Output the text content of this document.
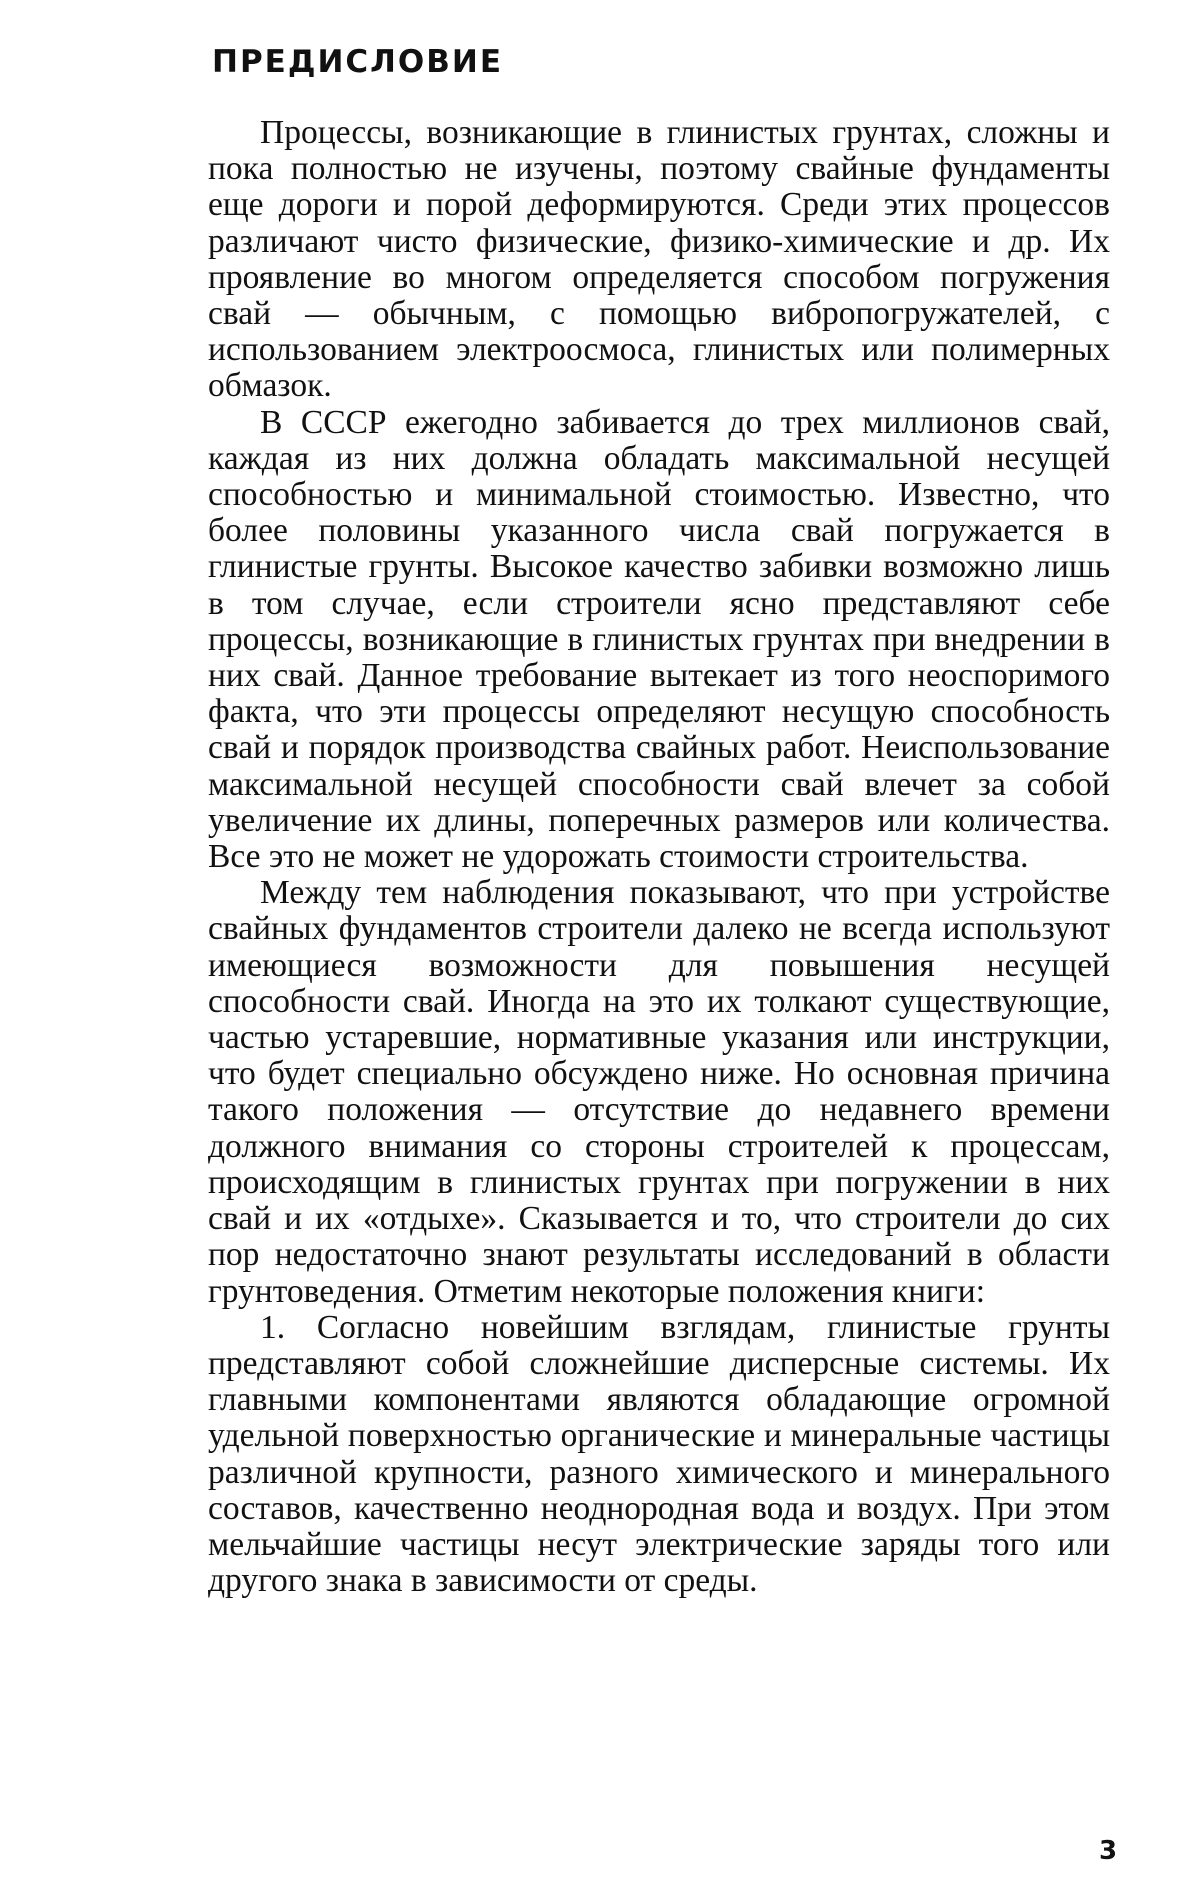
ПРЕДИСЛОВИЕ

Процессы, возникающие в глинистых грунтах, сложны и пока полностью не изучены, поэтому свайные фундаменты еще дороги и порой деформируются. Среди этих процессов различают чисто физические, физико-химические и др. Их проявление во многом определяется способом погружения свай — обычным, с помощью вибропогружателей, с использованием электроосмоса, глинистых или полимерных обмазок.

В СССР ежегодно забивается до трех миллионов свай, каждая из них должна обладать максимальной несущей способностью и минимальной стоимостью. Известно, что более половины указанного числа свай погружается в глинистые грунты. Высокое качество забивки возможно лишь в том случае, если строители ясно представляют себе процессы, возникающие в глинистых грунтах при внедрении в них свай. Данное требование вытекает из того неоспоримого факта, что эти процессы определяют несущую способность свай и порядок производства свайных работ. Неиспользование максимальной несущей способности свай влечет за собой увеличение их длины, поперечных размеров или количества. Все это не может не удорожать стоимости строительства.

Между тем наблюдения показывают, что при устройстве свайных фундаментов строители далеко не всегда используют имеющиеся возможности для повышения несущей способности свай. Иногда на это их толкают существующие, частью устаревшие, нормативные указания или инструкции, что будет специально обсуждено ниже. Но основная причина такого положения — отсутствие до недавнего времени должного внимания со стороны строителей к процессам, происходящим в глинистых грунтах при погружении в них свай и их «отдыхе». Сказывается и то, что строители до сих пор недостаточно знают результаты исследований в области грунтоведения. Отметим некоторые положения книги:

1. Согласно новейшим взглядам, глинистые грунты представляют собой сложнейшие дисперсные системы. Их главными компонентами являются обладающие огромной удельной поверхностью органические и минеральные частицы различной крупности, разного химического и минерального составов, качественно неоднородная вода и воздух. При этом мельчайшие частицы несут электрические заряды того или другого знака в зависимости от среды.

3
